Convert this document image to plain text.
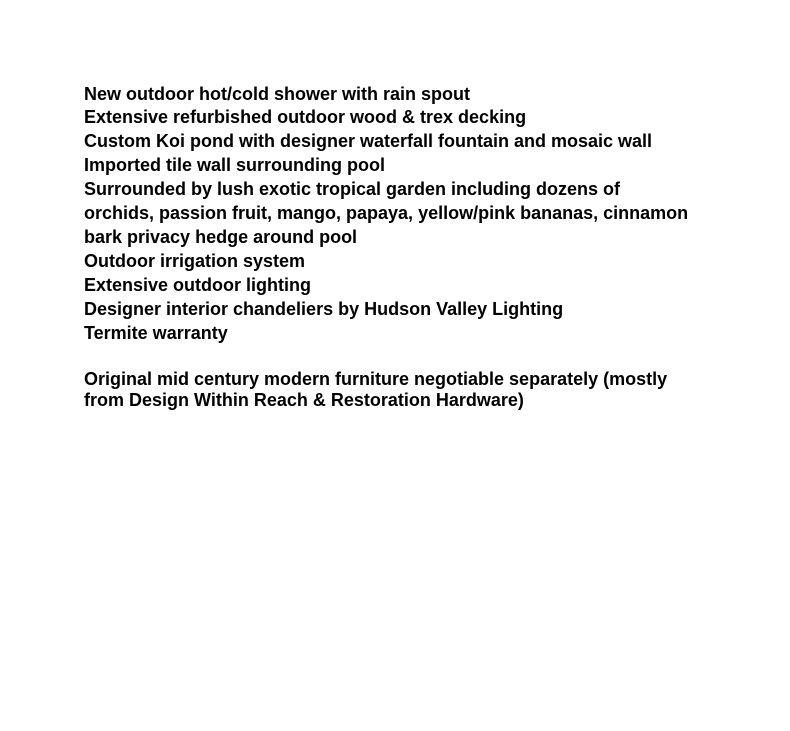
New outdoor hot/cold shower with rain spout
Extensive refurbished outdoor wood & trex decking
Custom Koi pond with designer waterfall fountain and mosaic wall
Imported tile wall surrounding pool
Surrounded by lush exotic tropical garden including dozens of
orchids, passion fruit, mango, papaya, yellow/pink bananas, cinnamon
bark privacy hedge around pool
Outdoor irrigation system
Extensive outdoor lighting
Designer interior chandeliers by Hudson Valley Lighting
Termite warranty
Original mid century modern furniture negotiable separately (mostly
from Design Within Reach & Restoration Hardware)
